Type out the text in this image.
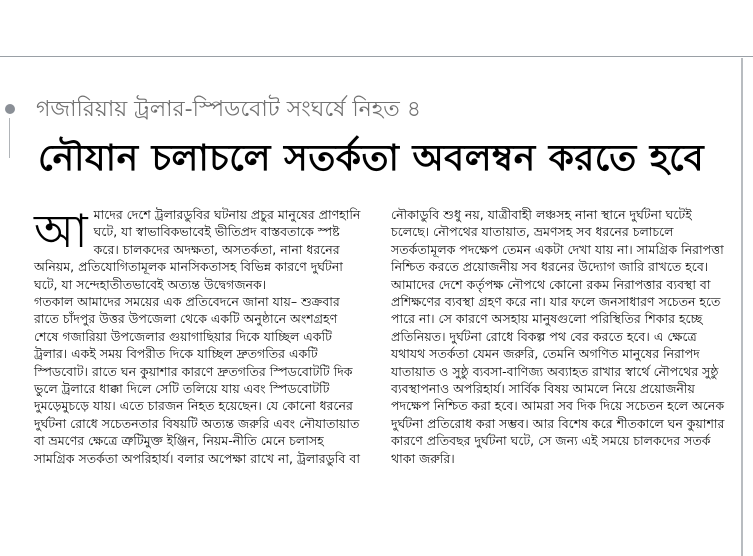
গজারিয়ায় ট্রলার-স্পিডবোট সংঘর্ষে নিহত ৪
নৌযান চলাচলে সতর্কতা অবলম্বন করতে হবে

আমাদের দেশে ট্রলারডুবির ঘটনায় প্রচুর মানুষের প্রাণহানি ঘটে, যা স্বাভাবিকভাবেই ভীতিপ্রদ বাস্তবতাকে স্পষ্ট করে। চালকদের অদক্ষতা, অসতর্কতা, নানা ধরনের অনিয়ম, প্রতিযোগিতামূলক মানসিকতাসহ বিভিন্ন কারণে দুর্ঘটনা ঘটে, যা সন্দেহাতীতভাবেই অত্যন্ত উদ্বেগজনক।

গতকাল আমাদের সময়ের এক প্রতিবেদনে জানা যায়– শুক্রবার রাতে চাঁদপুর উত্তর উপজেলা থেকে একটি অনুষ্ঠানে অংশগ্রহণ শেষে গজারিয়া উপজেলার গুয়াগাছিয়ার দিকে যাচ্ছিল একটি ট্রলার। একই সময় বিপরীত দিকে যাচ্ছিল দ্রুতগতির একটি স্পিডবোট। রাতে ঘন কুয়াশার কারণে দ্রুতগতির স্পিডবোটটি দিক ভুলে ট্রলারে ধাক্কা দিলে সেটি তলিয়ে যায় এবং স্পিডবোটটি দুমড়েমুচড়ে যায়। এতে চারজন নিহত হয়েছেন। যে কোনো ধরনের দুর্ঘটনা রোধে সচেতনতার বিষয়টি অত্যন্ত জরুরি এবং নৌযাতায়াত বা ভ্রমণের ক্ষেত্রে ত্রুটিমুক্ত ইঞ্জিন, নিয়ম-নীতি মেনে চলাসহ সামগ্রিক সতর্কতা অপরিহার্য। বলার অপেক্ষা রাখে না, ট্রলারডুবি বা

নৌকাডুবি শুধু নয়, যাত্রীবাহী লঞ্চসহ নানা স্থানে দুর্ঘটনা ঘটেই চলেছে। নৌপথের যাতায়াত, ভ্রমণসহ সব ধরনের চলাচলে সতর্কতামূলক পদক্ষেপ তেমন একটা দেখা যায় না। সামগ্রিক নিরাপত্তা নিশ্চিত করতে প্রয়োজনীয় সব ধরনের উদ্যোগ জারি রাখতে হবে। আমাদের দেশে কর্তৃপক্ষ নৌপথে কোনো রকম নিরাপত্তার ব্যবস্থা বা প্রশিক্ষণের ব্যবস্থা গ্রহণ করে না। যার ফলে জনসাধারণ সচেতন হতে পারে না। সে কারণে অসহায় মানুষগুলো পরিস্থিতির শিকার হচ্ছে প্রতিনিয়ত। দুর্ঘটনা রোধে বিকল্প পথ বের করতে হবে। এ ক্ষেত্রে যথাযথ সতর্কতা যেমন জরুরি, তেমনি অগণিত মানুষের নিরাপদ যাতায়াত ও সুষ্ঠু ব্যবসা-বাণিজ্য অব্যাহত রাখার স্বার্থে নৌপথের সুষ্ঠু ব্যবস্থাপনাও অপরিহার্য। সার্বিক বিষয় আমলে নিয়ে প্রয়োজনীয় পদক্ষেপ নিশ্চিত করা হবে। আমরা সব দিক দিয়ে সচেতন হলে অনেক দুর্ঘটনা প্রতিরোধ করা সম্ভব। আর বিশেষ করে শীতকালে ঘন কুয়াশার কারণে প্রতিবছর দুর্ঘটনা ঘটে, সে জন্য এই সময়ে চালকদের সতর্ক থাকা জরুরি।
